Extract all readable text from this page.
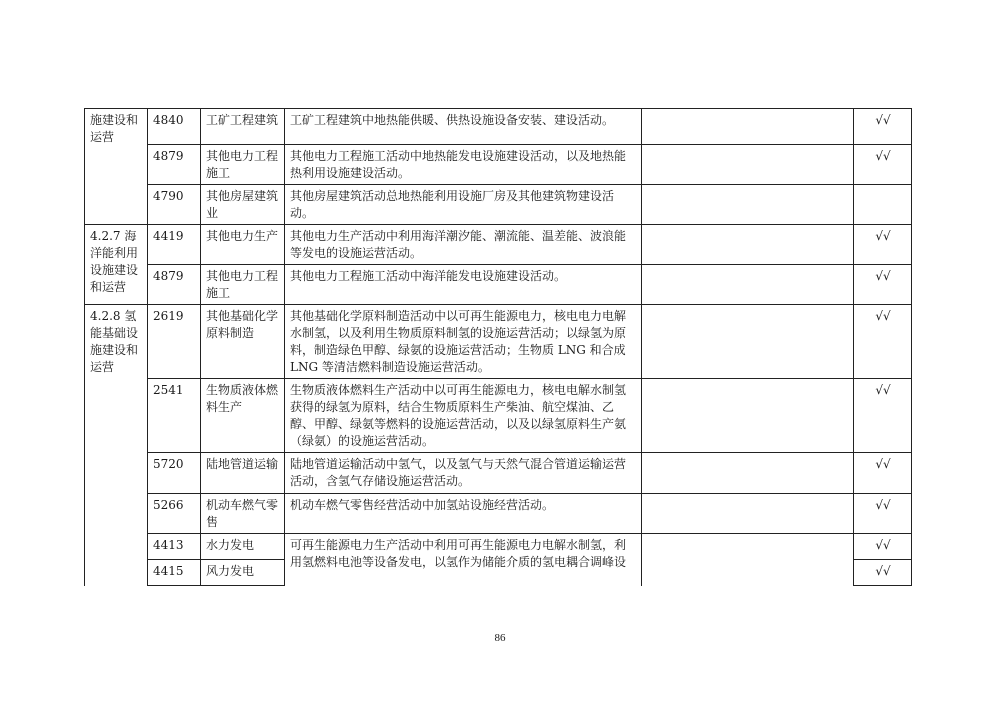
施建设和运营	4840	工矿工程建筑	工矿工程建筑中地热能供暖、供热设施设备安装、建设活动。		√√
	4879	其他电力工程施工	其他电力工程施工活动中地热能发电设施建设活动，以及地热能热利用设施建设活动。		√√
	4790	其他房屋建筑业	其他房屋建筑活动总地热能利用设施厂房及其他建筑物建设活动。		
4.2.7 海洋能利用设施建设和运营	4419	其他电力生产	其他电力生产活动中利用海洋潮汐能、潮流能、温差能、波浪能等发电的设施运营活动。		√√
	4879	其他电力工程施工	其他电力工程施工活动中海洋能发电设施建设活动。		√√
4.2.8 氢能基础设施建设和运营	2619	其他基础化学原料制造	其他基础化学原料制造活动中以可再生能源电力，核电电力电解水制氢，以及利用生物质原料制氢的设施运营活动；以绿氢为原料，制造绿色甲醇、绿氨的设施运营活动；生物质 LNG 和合成 LNG 等清洁燃料制造设施运营活动。		√√
	2541	生物质液体燃料生产	生物质液体燃料生产活动中以可再生能源电力，核电电解水制氢获得的绿氢为原料，结合生物质原料生产柴油、航空煤油、乙醇、甲醇、绿氨等燃料的设施运营活动，以及以绿氢原料生产氨（绿氨）的设施运营活动。		√√
	5720	陆地管道运输	陆地管道运输活动中氢气，以及氢气与天然气混合管道运输运营活动，含氢气存储设施运营活动。		√√
	5266	机动车燃气零售	机动车燃气零售经营活动中加氢站设施经营活动。		√√
	4413	水力发电	可再生能源电力生产活动中利用可再生能源电力电解水制氢，利用氢燃料电池等设备发电，以氢作为储能介质的氢电耦合调峰设		√√
	4415	风力发电			√√
86
